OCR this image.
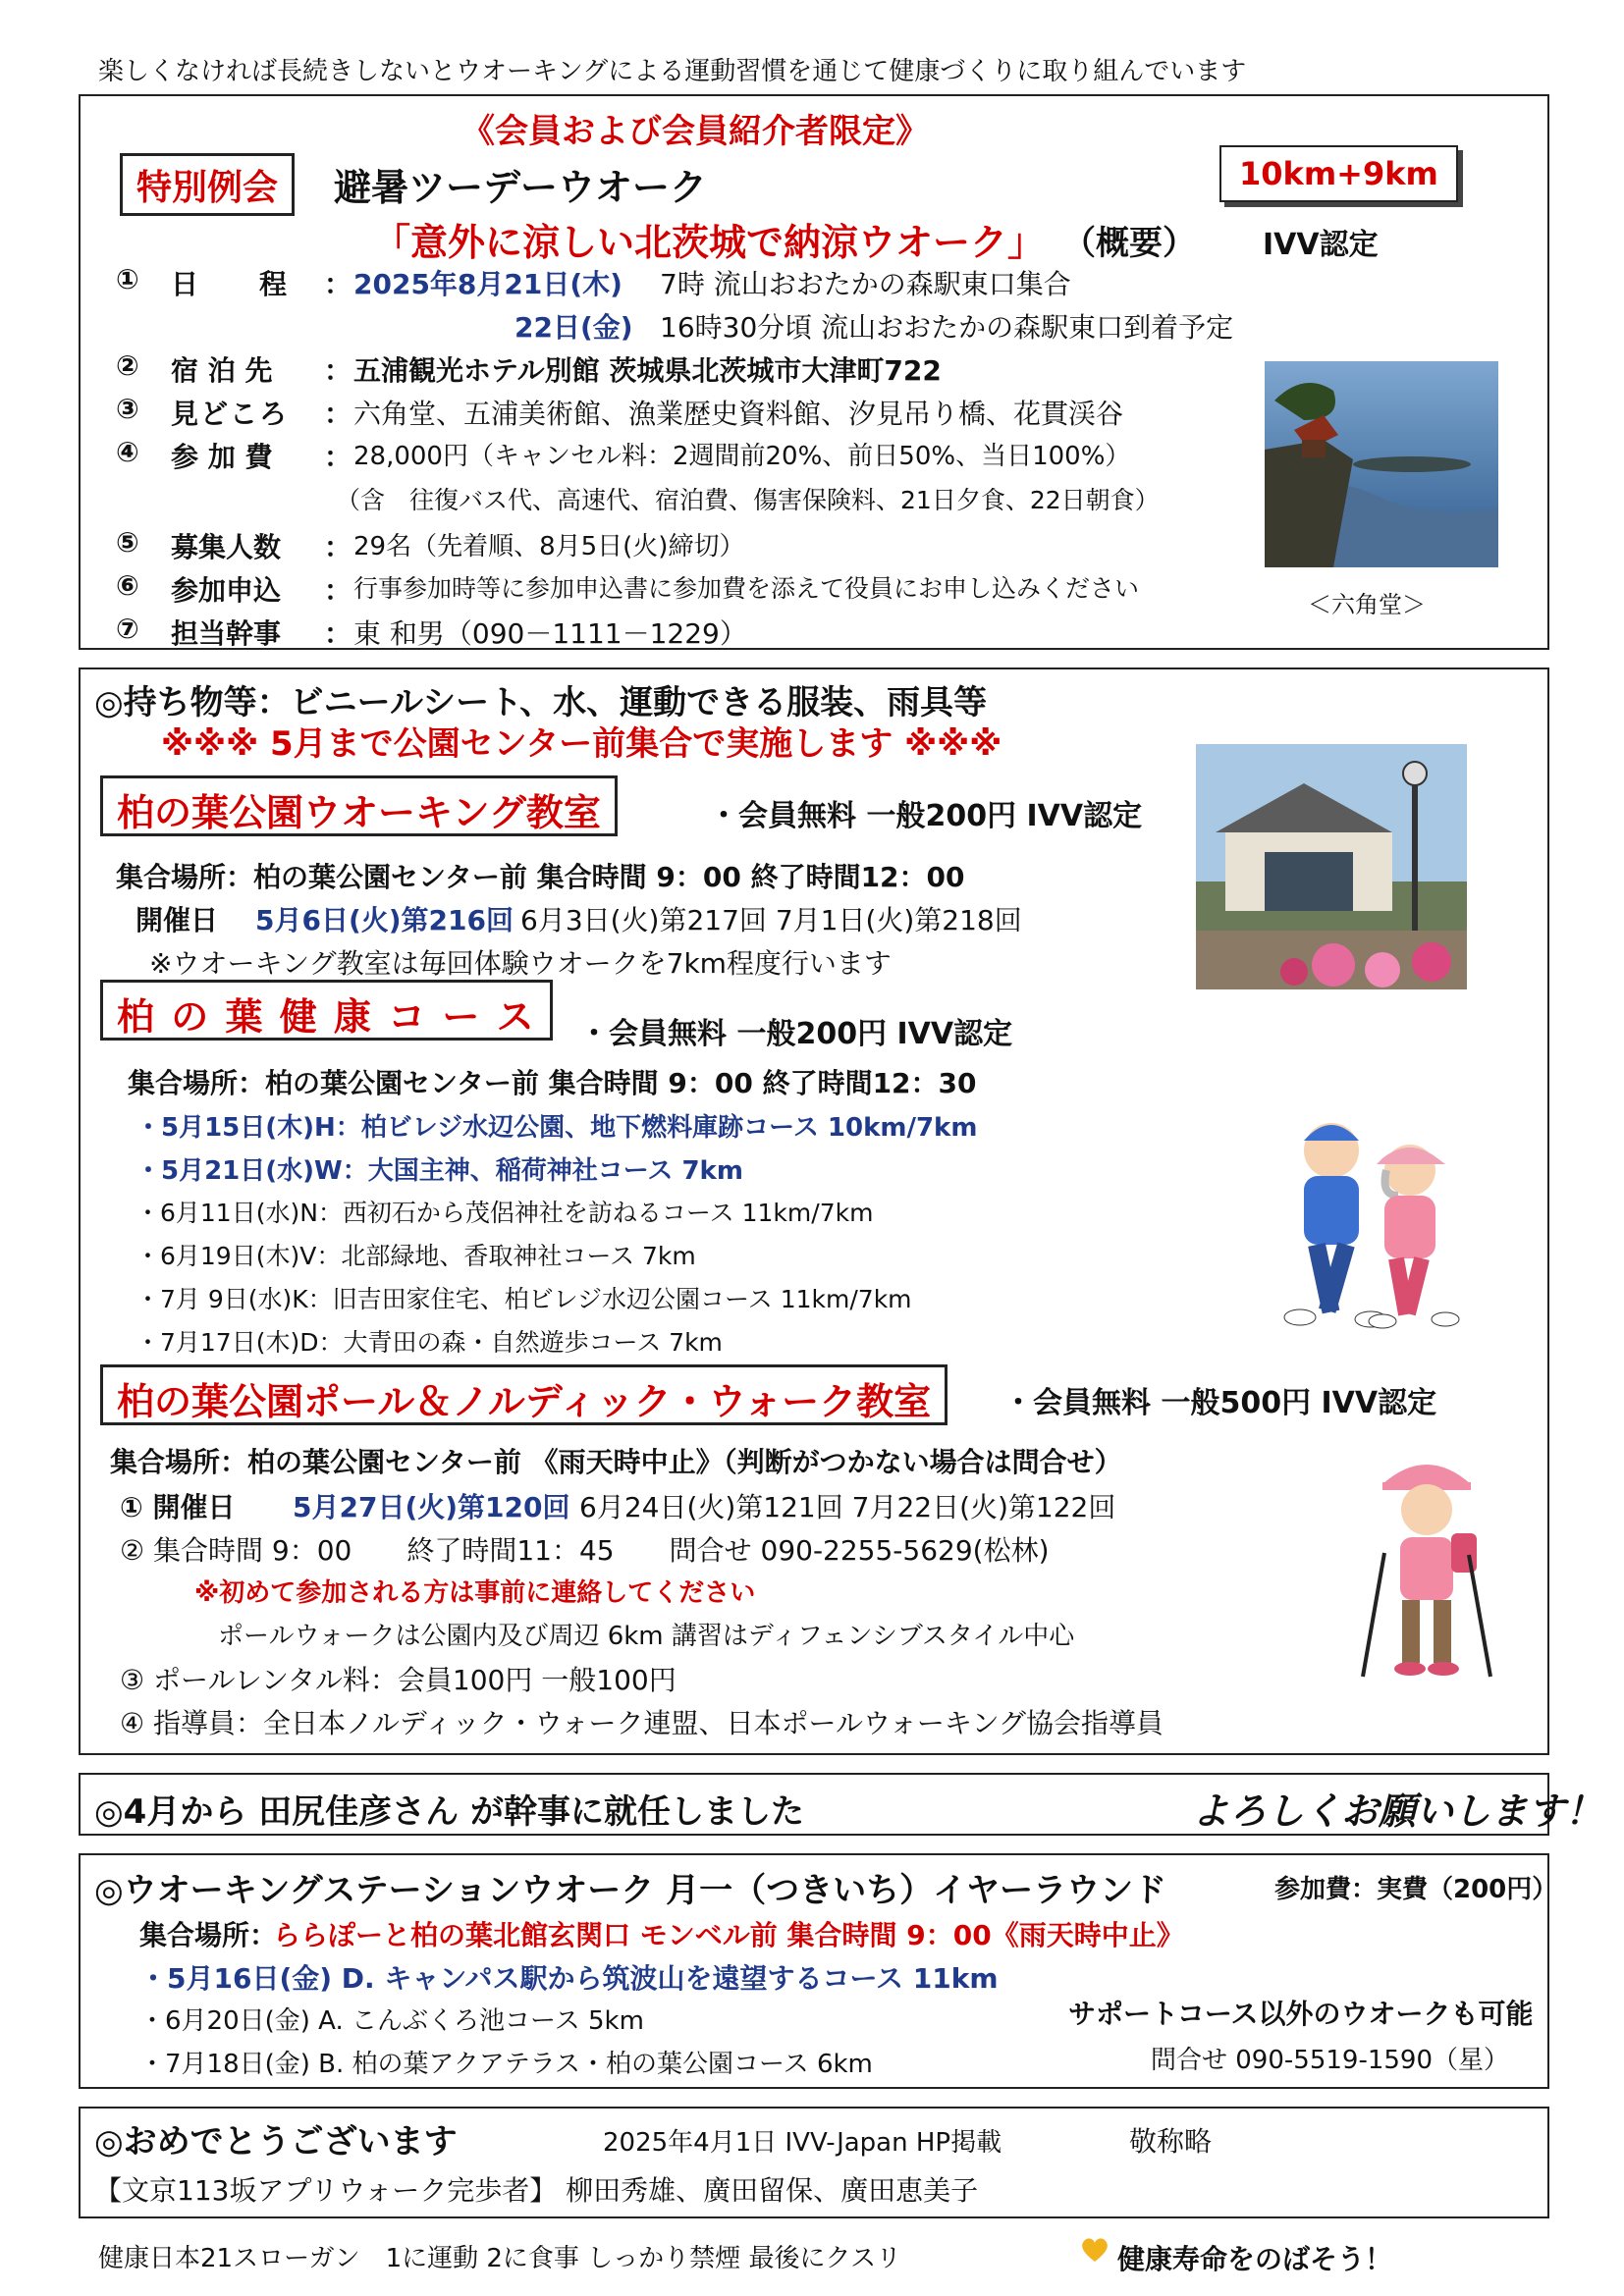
楽しくなければ長続きしないとウオーキングによる運動習慣を通じて健康づくりに取り組んでいます
《会員および会員紹介者限定》
特別例会	避暑ツーデーウオーク	10km+9km
「意外に涼しい北茨城で納涼ウオーク」 （概要） IVV認定
① 日　　程 ： 2025年8月21日(木) 7時 流山おおたかの森駅東口集合
22日(金) 16時30分頃 流山おおたかの森駅東口到着予定
② 宿 泊 先 ： 五浦観光ホテル別館 茨城県北茨城市大津町722
③ 見どころ ： 六角堂、五浦美術館、漁業歴史資料館、汐見吊り橋、花貫渓谷
④ 参 加 費 ： 28,000円（キャンセル料：2週間前20%、前日50%、当日100%）
（含　往復バス代、高速代、宿泊費、傷害保険料、21日夕食、22日朝食）
⑤ 募集人数 ： 29名（先着順、8月5日(火)締切）
⑥ 参加申込 ： 行事参加時等に参加申込書に参加費を添えて役員にお申し込みください
⑦ 担当幹事 ： 東 和男（090－1111－1229）
＜六角堂＞
◎持ち物等：ビニールシート、水、運動できる服装、雨具等
※※※ 5月まで公園センター前集合で実施します ※※※
柏の葉公園ウオーキング教室	・会員無料 一般200円 IVV認定
集合場所：柏の葉公園センター前 集合時間 9：00 終了時間12：00
開催日 5月6日(火)第216回 6月3日(火)第217回 7月1日(火)第218回
※ウオーキング教室は毎回体験ウオークを7km程度行います
柏 の 葉 健 康 コ ー ス	・会員無料 一般200円 IVV認定
集合場所：柏の葉公園センター前 集合時間 9：00 終了時間12：30
・5月15日(木)H：柏ビレジ水辺公園、地下燃料庫跡コース 10km/7km
・5月21日(水)W：大国主神、稲荷神社コース 7km
・6月11日(水)N：西初石から茂侶神社を訪ねるコース 11km/7km
・6月19日(木)V：北部緑地、香取神社コース 7km
・7月 9日(水)K：旧吉田家住宅、柏ビレジ水辺公園コース 11km/7km
・7月17日(木)D：大青田の森・自然遊歩コース 7km
柏の葉公園ポール＆ノルディック・ウォーク教室	・会員無料 一般500円 IVV認定
集合場所：柏の葉公園センター前 《雨天時中止》（判断がつかない場合は問合せ）
① 開催日 5月27日(火)第120回 6月24日(火)第121回 7月22日(火)第122回
② 集合時間 9：00　　終了時間11：45　　問合せ 090-2255-5629(松林)
※初めて参加される方は事前に連絡してください
ポールウォークは公園内及び周辺 6km 講習はディフェンシブスタイル中心
③ ポールレンタル料：会員100円 一般100円
④ 指導員：全日本ノルディック・ウォーク連盟、日本ポールウォーキング協会指導員
◎4月から 田尻佳彦さん が幹事に就任しました	よろしくお願いします！
◎ウオーキングステーションウオーク 月一（つきいち）イヤーラウンド	参加費：実費（200円）
集合場所：
ららぽーと柏の葉北館玄関口 モンベル前 集合時間 9：00《雨天時中止》
・5月16日(金) D. キャンパス駅から筑波山を遠望するコース 11km
・6月20日(金) A. こんぶくろ池コース 5km
・7月18日(金) B. 柏の葉アクアテラス・柏の葉公園コース 6km
サポートコース以外のウオークも可能
問合せ 090-5519-1590（星）
◎おめでとうございます	2025年4月1日 IVV-Japan HP掲載	敬称略
【文京113坂アプリウォーク完歩者】 柳田秀雄、廣田留保、廣田恵美子
健康日本21スローガン　1に運動 2に食事 しっかり禁煙 最後にクスリ	健康寿命をのばそう！
